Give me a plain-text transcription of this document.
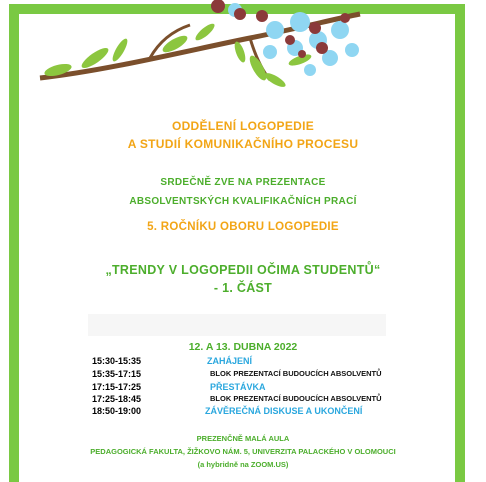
ODDĚLENÍ LOGOPEDIE
A STUDIÍ KOMUNIKAČNÍHO PROCESU
SRDEČNĚ ZVE NA PREZENTACE
ABSOLVENTSKÝCH KVALIFIKAČNÍCH PRACÍ
5. ROČNÍKU OBORU LOGOPEDIE
„TRENDY V LOGOPEDII OČIMA STUDENTŮ“
- 1. ČÁST
12. A 13. DUBNA 2022
15:30-15:35	ZAHÁJENÍ
15:35-17:15	BLOK PREZENTACÍ BUDOUCÍCH ABSOLVENTŮ
17:15-17:25	PŘESTÁVKA
17:25-18:45	BLOK PREZENTACÍ BUDOUCÍCH ABSOLVENTŮ
18:50-19:00	ZÁVĚREČNÁ DISKUSE A UKONČENÍ
PREZENČNĚ MALÁ AULA
PEDAGOGICKÁ FAKULTA, ŽIŽKOVO NÁM. 5, UNIVERZITA PALACKÉHO V OLOMOUCI
(a hybridně na ZOOM.US)
